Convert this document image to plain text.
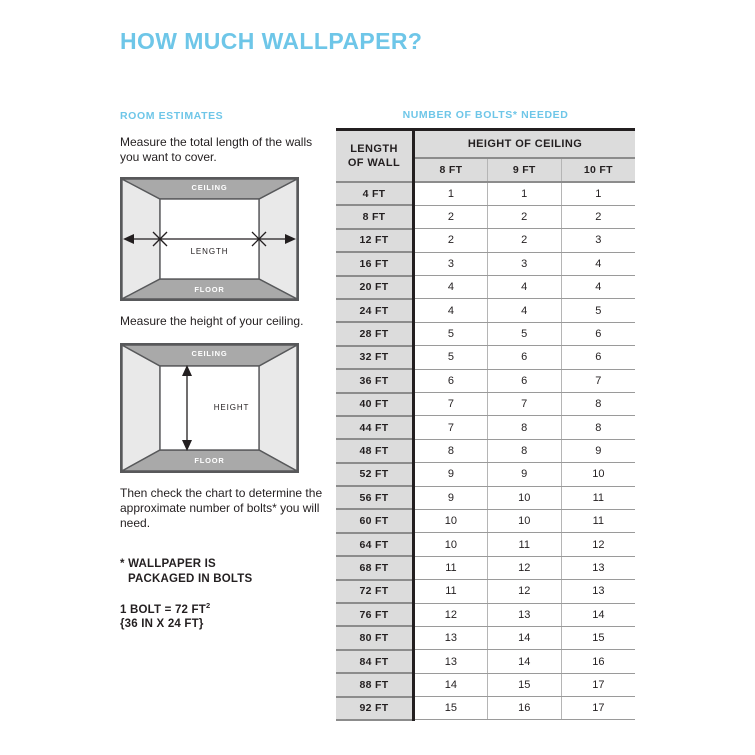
HOW MUCH WALLPAPER?
ROOM ESTIMATES
Measure the total length of the walls you want to cover.
CEILING
FLOOR
LENGTH
Measure the height of your ceiling.
CEILING
FLOOR
HEIGHT
Then check the chart to determine the approximate number of bolts* you will need.
* WALLPAPER IS
PACKAGED IN BOLTS
1 BOLT = 72 $FT^2$
{36 IN X 24 FT}
NUMBER OF BOLTS* NEEDED
LENGTH
OF WALL	HEIGHT OF CEILING		
	8 FT	9 FT	10 FT
4 FT	1	1	1
8 FT	2	2	2
12 FT	2	2	3
16 FT	3	3	4
20 FT	4	4	4
24 FT	4	4	5
28 FT	5	5	6
32 FT	5	6	6
36 FT	6	6	7
40 FT	7	7	8
44 FT	7	8	8
48 FT	8	8	9
52 FT	9	9	10
56 FT	9	10	11
60 FT	10	10	11
64 FT	10	11	12
68 FT	11	12	13
72 FT	11	12	13
76 FT	12	13	14
80 FT	13	14	15
84 FT	13	14	16
88 FT	14	15	17
92 FT	15	16	17
